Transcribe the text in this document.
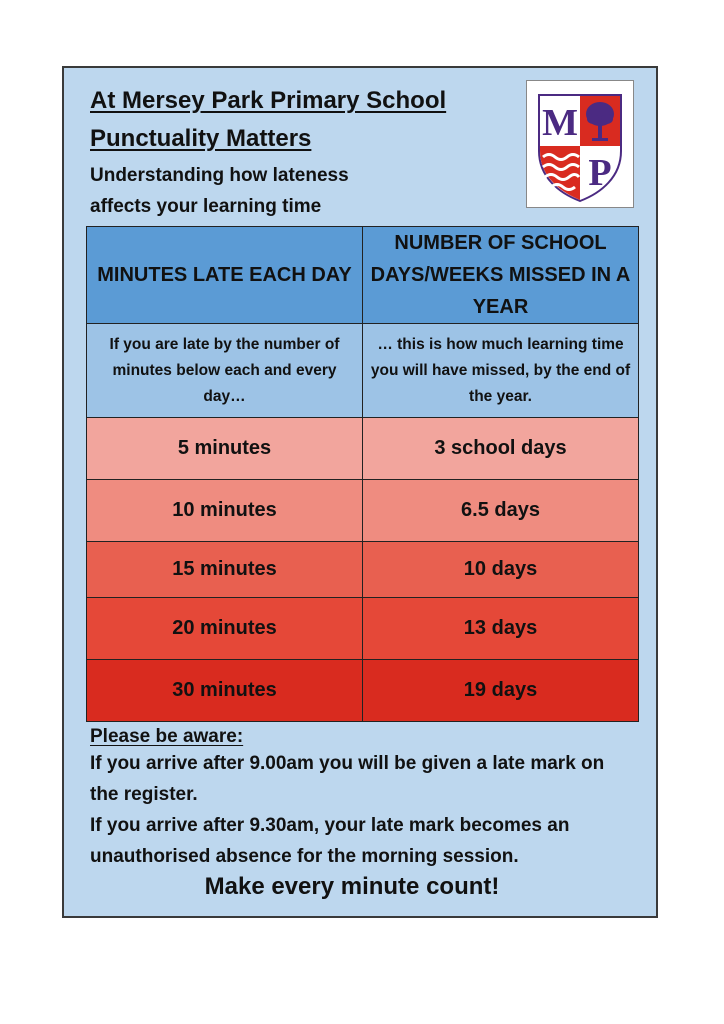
At Mersey Park Primary School
Punctuality Matters
Understanding how lateness
affects your learning time
M
P
MINUTES LATE EACH DAY	NUMBER OF SCHOOL DAYS/WEEKS MISSED IN A YEAR
If you are late by the number of minutes below each and every day…	… this is how much learning time you will have missed, by the end of the year.
5 minutes	3 school days
10 minutes	6.5 days
15 minutes	10 days
20 minutes	13 days
30 minutes	19 days
Please be aware:

If you arrive after 9.00am you will be given a late mark on the register.

If you arrive after 9.30am, your late mark becomes an unauthorised absence for the morning session.

Make every minute count!
